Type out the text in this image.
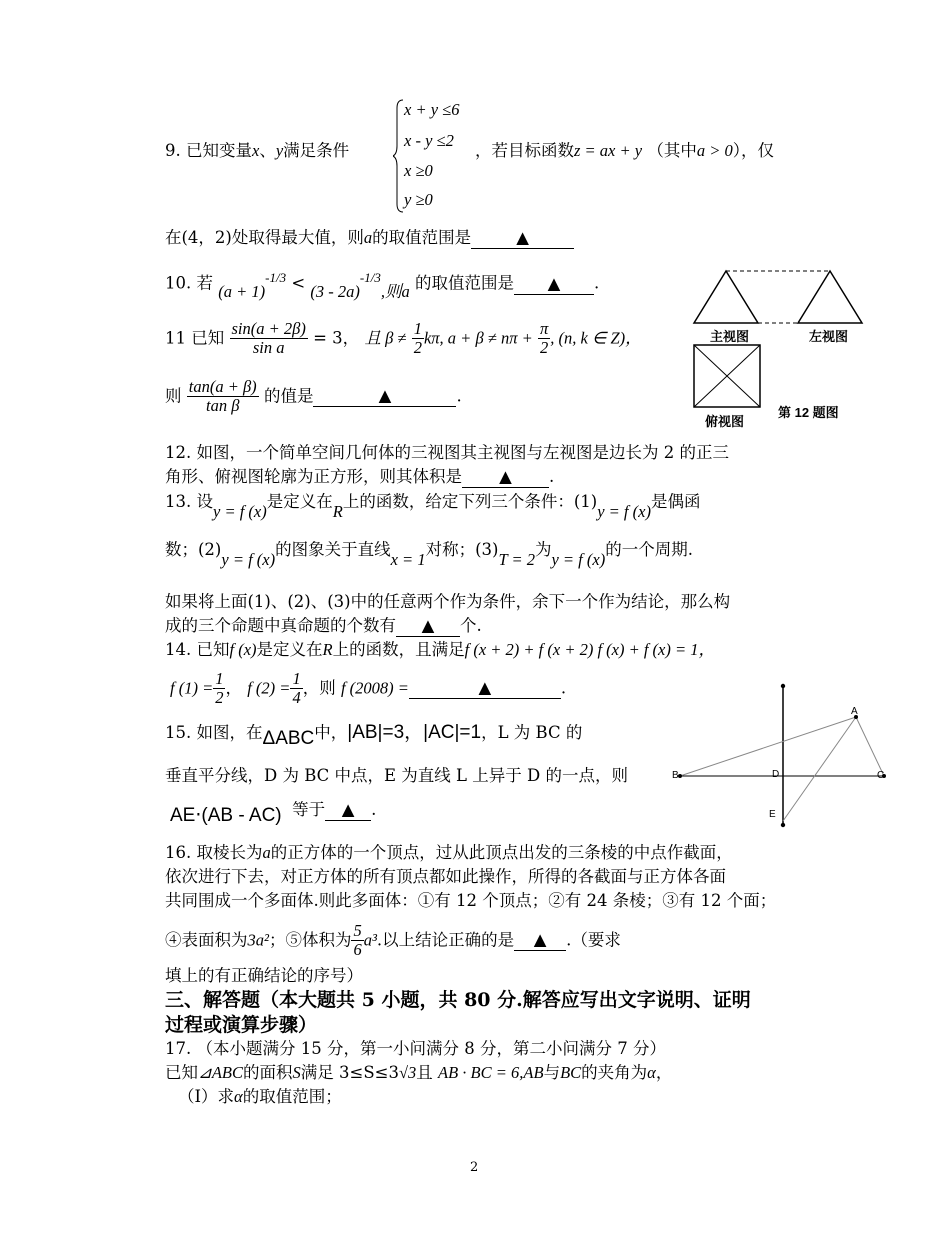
9. 已知变量x、y满足条件
x + y ≤6
x - y ≤2
x ≥0
y ≥0
，若目标函数z = ax + y （其中a > 0），仅
在(4，2)处取得最大值，则a的取值范围是	▲
10. 若 $(a + 1)^{-1/3} < (3 - 2a)^{-1/3}$,则a 的取值范围是 ▲ .
11 已知 $\frac{\sin(a + 2\beta)}{\text{sin a}} = 3$， 且 $\beta \ne \frac{1}{2} k\pi$, $a + \beta \ne n\pi + \frac{\pi}{2}$ , (n, k ∈ Z)，
则 $\frac{\tan(a + \beta)}{\text{tan β}}$ 的值是	▲	.
主视图	左视图
俯视图
第 12 题图
12. 如图，一个简单空间几何体的三视图其主视图与左视图是边长为 2 的正三
角形、俯视图轮廓为正方形，则其体积是 ▲ .
13. 设y = f (x)是定义在R上的函数，给定下列三个条件：(1)y = f (x)是偶函
数；(2)y = f (x)的图象关于直线x = 1对称；(3)T = 2为y = f (x)的一个周期.
如果将上面(1)、(2)、(3)中的任意两个作为条件，余下一个作为结论，那么构
成的三个命题中真命题的个数有 ▲ 个.
14. 已知f (x)是定义在R上的函数，且满足f (x + 2) + f (x + 2) f (x) + f (x) = 1，
f $(1) = \frac{1}{2}$ ， f $(2) = \frac{1}{4}$ ，则 f (2008) =	▲	.
15. 如图，在ΔABC中，|AB|=3，|AC|=1，L 为 BC 的
垂直平分线，D 为 BC 中点，E 为直线 L 上异于 D 的一点，则
AE⋅(AB - AC) 等于 ▲ .
A
B	C
D
E
16. 取棱长为a的正方体的一个顶点，过从此顶点出发的三条棱的中点作截面，
依次进行下去，对正方体的所有顶点都如此操作，所得的各截面与正方体各面
共同围成一个多面体.则此多面体：①有 12 个顶点；②有 24 条棱；③有 12 个面；
④表面积为3a²；⑤体积为 $\frac{5}{6} a^3$.以上结论正确的是 ▲ .（要求
填上的有正确结论的序号）
三、解答题（本大题共 5 小题，共 80 分.解答应写出文字说明、证明
过程或演算步骤）
17. （本小题满分 15 分，第一小问满分 8 分，第二小问满分 7 分）
已知⊿ABC的面积S满足 3≤S≤3√3且 AB · BC = 6,AB与BC的夹角为α，
（Ⅰ）求α的取值范围；
2
